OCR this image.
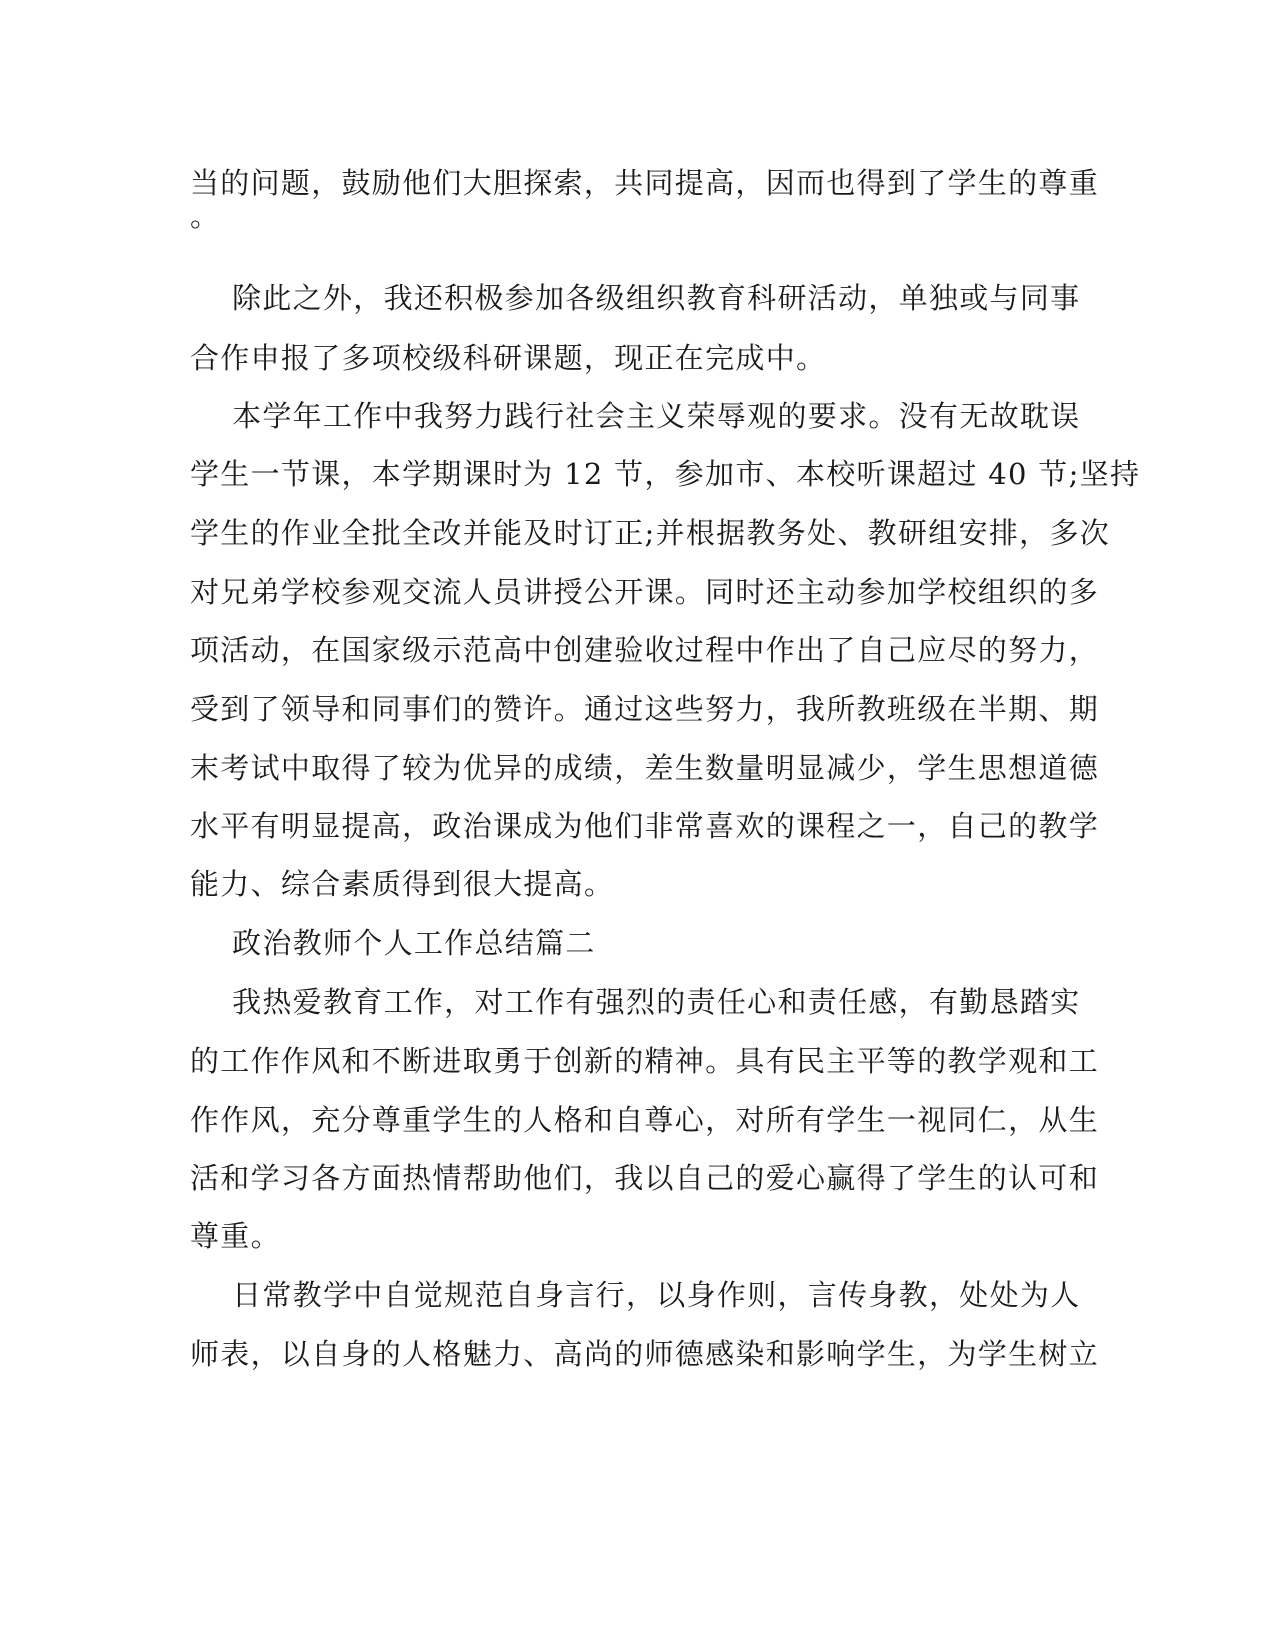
当的问题，鼓励他们大胆探索，共同提高，因而也得到了学生的尊重
。
除此之外，我还积极参加各级组织教育科研活动，单独或与同事
合作申报了多项校级科研课题，现正在完成中。
本学年工作中我努力践行社会主义荣辱观的要求。没有无故耽误
学生一节课，本学期课时为 12 节，参加市、本校听课超过 40 节;坚持
学生的作业全批全改并能及时订正;并根据教务处、教研组安排，多次
对兄弟学校参观交流人员讲授公开课。同时还主动参加学校组织的多
项活动，在国家级示范高中创建验收过程中作出了自己应尽的努力，
受到了领导和同事们的赞许。通过这些努力，我所教班级在半期、期
末考试中取得了较为优异的成绩，差生数量明显减少，学生思想道德
水平有明显提高，政治课成为他们非常喜欢的课程之一，自己的教学
能力、综合素质得到很大提高。
政治教师个人工作总结篇二
我热爱教育工作，对工作有强烈的责任心和责任感，有勤恳踏实
的工作作风和不断进取勇于创新的精神。具有民主平等的教学观和工
作作风，充分尊重学生的人格和自尊心，对所有学生一视同仁，从生
活和学习各方面热情帮助他们，我以自己的爱心赢得了学生的认可和
尊重。
日常教学中自觉规范自身言行，以身作则，言传身教，处处为人
师表，以自身的人格魅力、高尚的师德感染和影响学生，为学生树立
